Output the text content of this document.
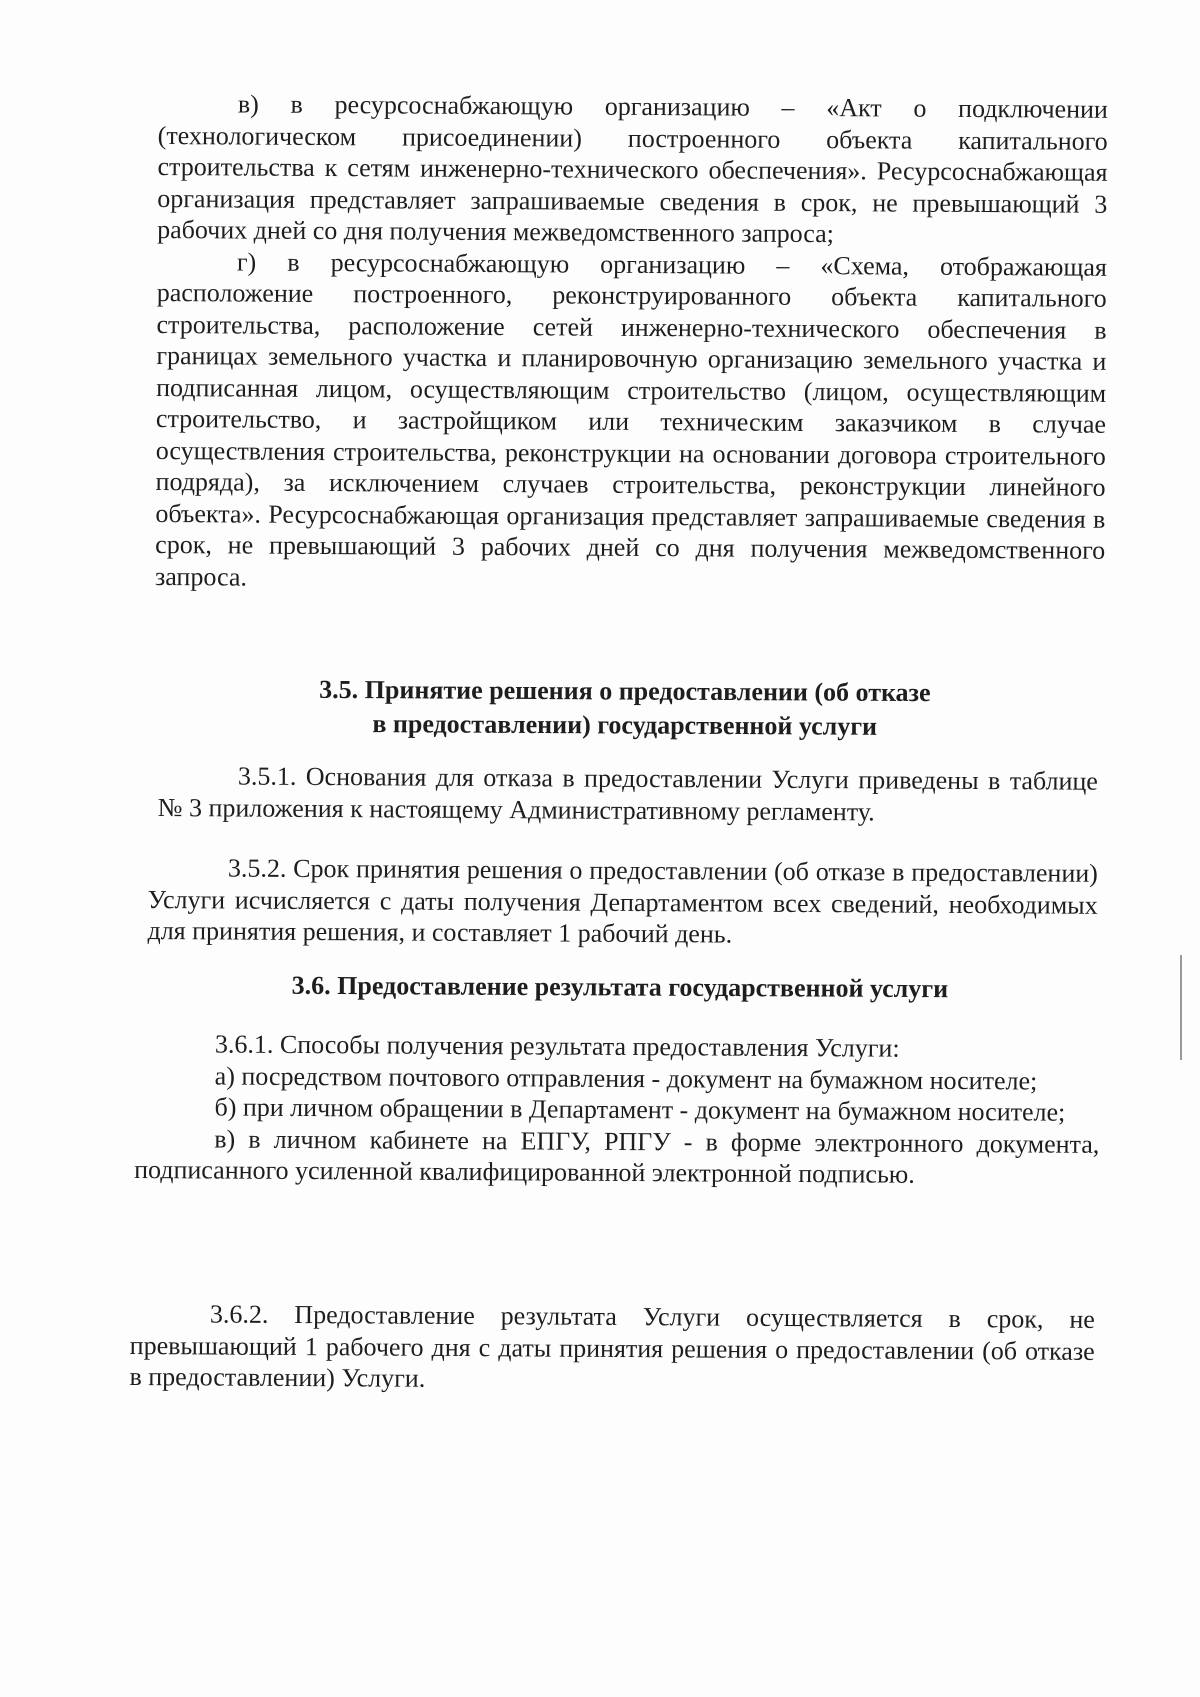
в) в ресурсоснабжающую организацию – «Акт о подключении (технологическом присоединении) построенного объекта капитального строительства к сетям инженерно-технического обеспечения». Ресурсоснабжающая организация представляет запрашиваемые сведения в срок, не превышающий 3 рабочих дней со дня получения межведомственного запроса;

г) в ресурсоснабжающую организацию – «Схема, отображающая расположение построенного, реконструированного объекта капитального строительства, расположение сетей инженерно-технического обеспечения в границах земельного участка и планировочную организацию земельного участка и подписанная лицом, осуществляющим строительство (лицом, осуществляющим строительство, и застройщиком или техническим заказчиком в случае осуществления строительства, реконструкции на основании договора строительного подряда), за исключением случаев строительства, реконструкции линейного объекта». Ресурсоснабжающая организация представляет запрашиваемые сведения в срок, не превышающий 3 рабочих дней со дня получения межведомственного запроса.

3.5. Принятие решения о предоставлении (об отказе
в предоставлении) государственной услуги

3.5.1. Основания для отказа в предоставлении Услуги приведены в таблице № 3 приложения к настоящему Административному регламенту.

3.5.2. Срок принятия решения о предоставлении (об отказе в предоставлении) Услуги исчисляется с даты получения Департаментом всех сведений, необходимых для принятия решения, и составляет 1 рабочий день.

3.6. Предоставление результата государственной услуги

3.6.1. Способы получения результата предоставления Услуги:

а) посредством почтового отправления - документ на бумажном носителе;

б) при личном обращении в Департамент - документ на бумажном носителе;

в) в личном кабинете на ЕПГУ, РПГУ - в форме электронного документа, подписанного усиленной квалифицированной электронной подписью.

3.6.2. Предоставление результата Услуги осуществляется в срок, не превышающий 1 рабочего дня с даты принятия решения о предоставлении (об отказе в предоставлении) Услуги.
